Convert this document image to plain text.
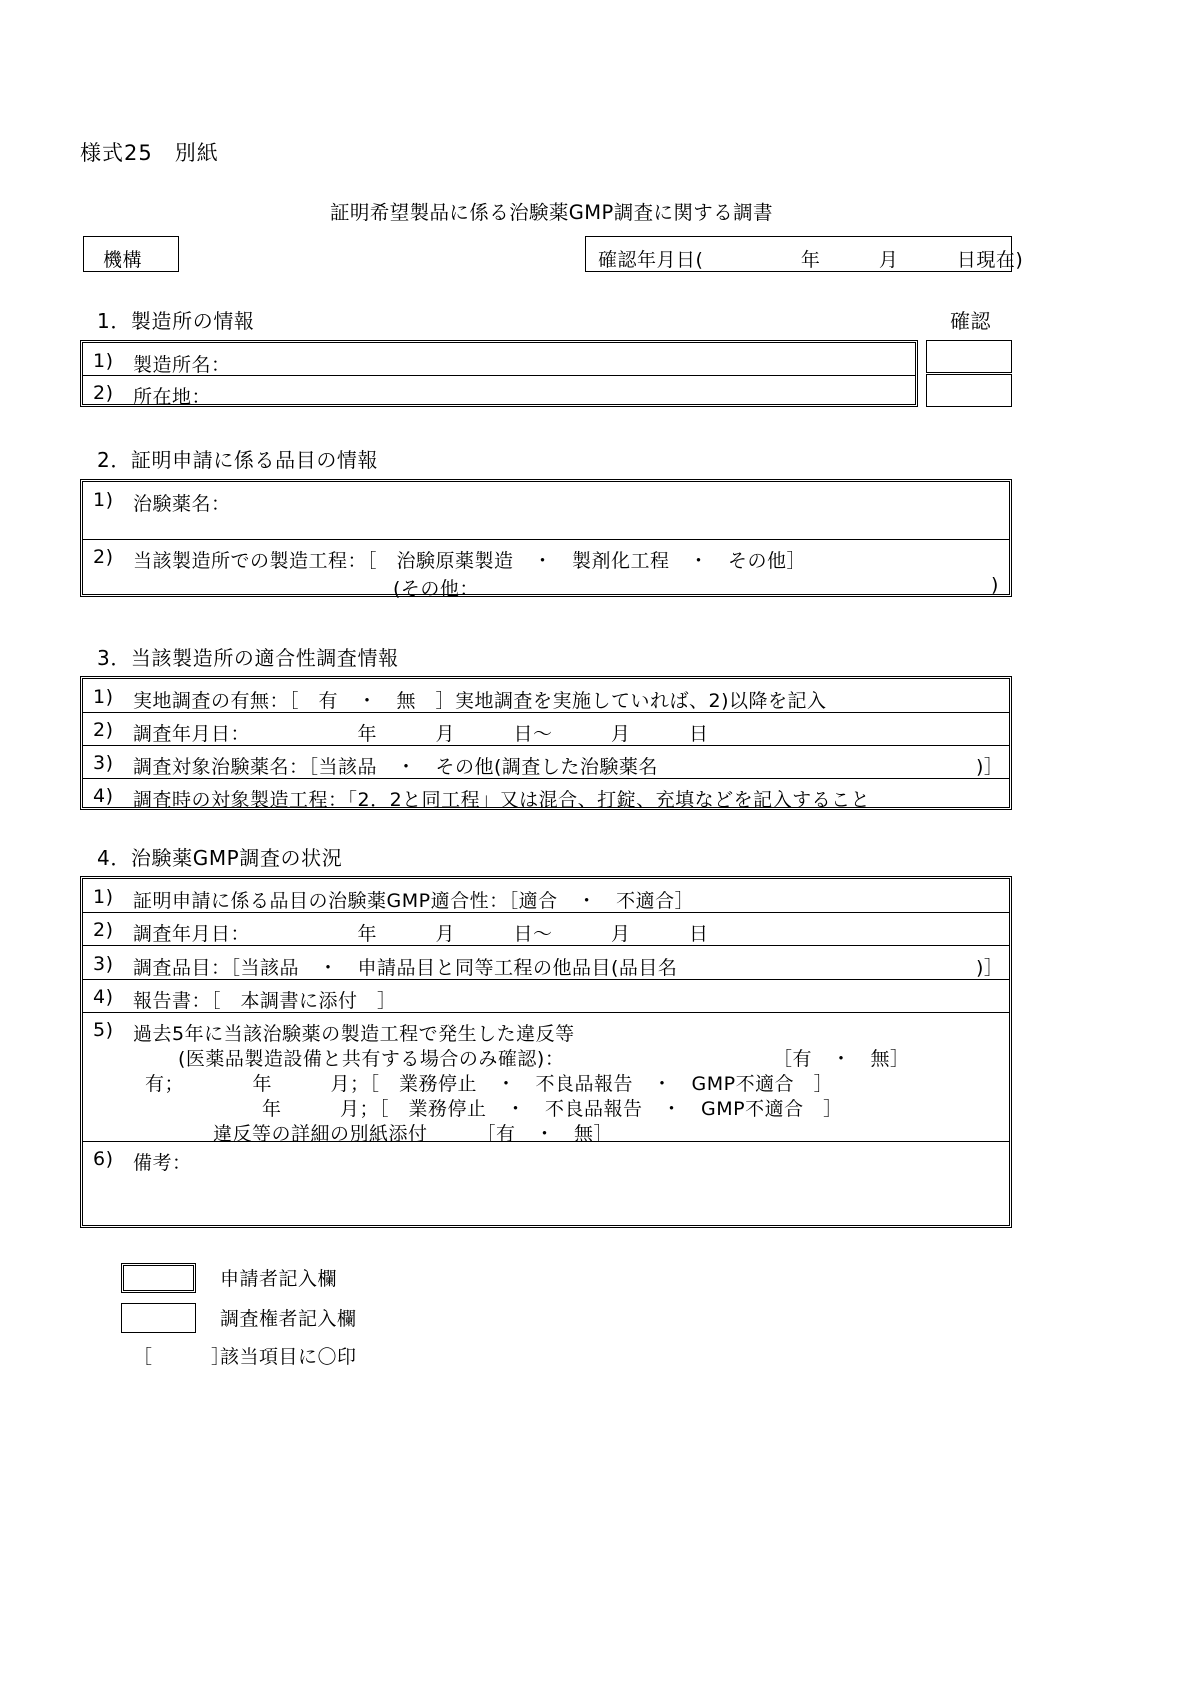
様式25　別紙
証明希望製品に係る治験薬GMP調査に関する調書
機構	確認年月日(　　　　　年　　　月　　　日現在)
1．製造所の情報	確認
1) 製造所名：
2) 所在地：
2．証明申請に係る品目の情報
1) 治験薬名：
2) 当該製造所での製造工程：［　治験原薬製造　・　製剤化工程　・　その他］
(その他：	)
3．当該製造所の適合性調査情報
1) 実地調査の有無：［　有　・　無　］実地調査を実施していれば、2)以降を記入
2) 調査年月日：　　　　　　年　　　月　　　日〜　　　月　　　日
3) 調査対象治験薬名：［当該品　・　その他(調査した治験薬名	)］
4) 調査時の対象製造工程：「2．2と同工程」又は混合、打錠、充填などを記入すること
4．治験薬GMP調査の状況
1) 証明申請に係る品目の治験薬GMP適合性：［適合　・　不適合］
2) 調査年月日：　　　　　　年　　　月　　　日〜　　　月　　　日
3) 調査品目：［当該品　・　申請品目と同等工程の他品目(品目名	)］
4) 報告書：［　本調書に添付　］
5) 過去5年に当該治験薬の製造工程で発生した違反等
(医薬品製造設備と共有する場合のみ確認)：	［有　・　無］
有；　　　　年　　　月；［　業務停止　・　不良品報告　・　GMP不適合　］
　　　　　　年　　　月；［　業務停止　・　不良品報告　・　GMP不適合　］
違反等の詳細の別紙添付　　　［有　・　無］
6) 備考：
申請者記入欄
調査権者記入欄
［　　　］
該当項目に〇印
